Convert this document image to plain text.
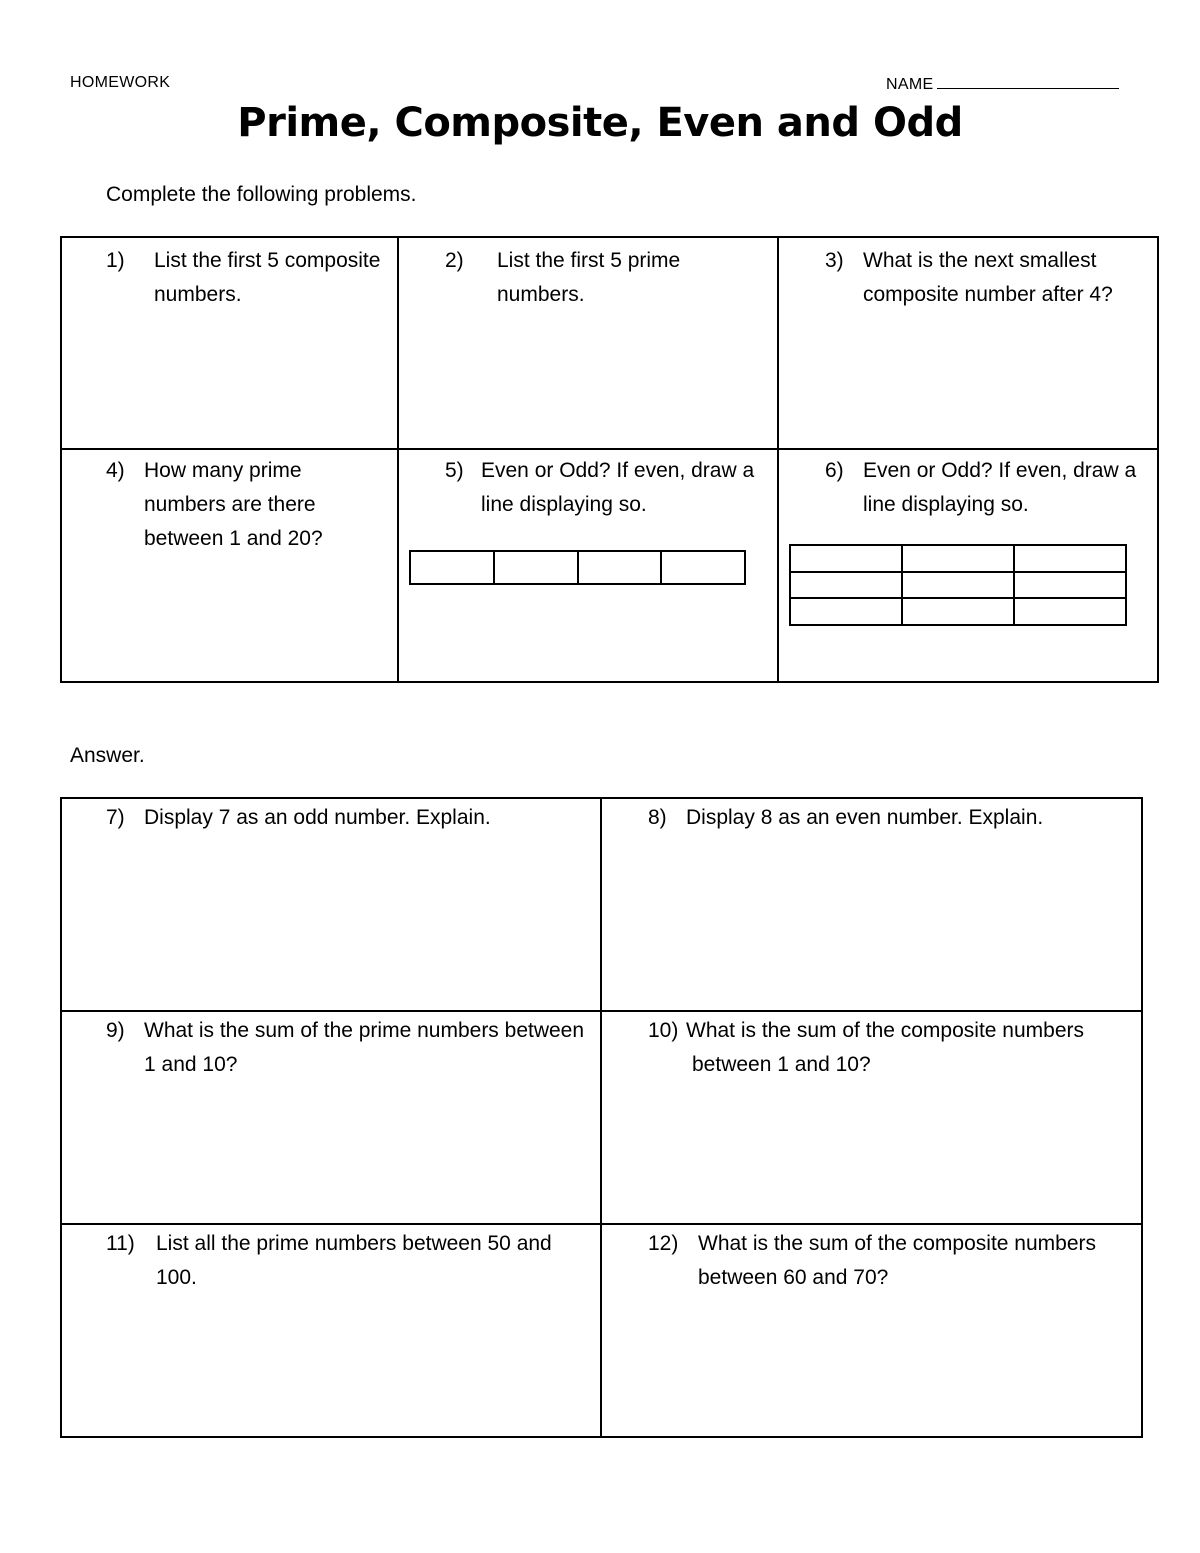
HOMEWORK	NAME
Prime, Composite, Even and Odd
Complete the following problems.
1)	List the first 5 composite numbers.

2)	List the first 5 prime numbers.

3) What is the next smallest composite number after 4?

4) How many prime numbers are there between 1 and 20?

5) Even or Odd? If even, draw a line displaying so.

6) Even or Odd? If even, draw a line displaying so.

Answer.
7) Display 7 as an odd number. Explain.	8) Display 8 as an even number. Explain.

9) What is the sum of the prime numbers between 1 and 10?	10) What is the sum of the composite numbers between 1 and 10?

11) List all the prime numbers between 50 and 100.	12) What is the sum of the composite numbers between 60 and 70?
